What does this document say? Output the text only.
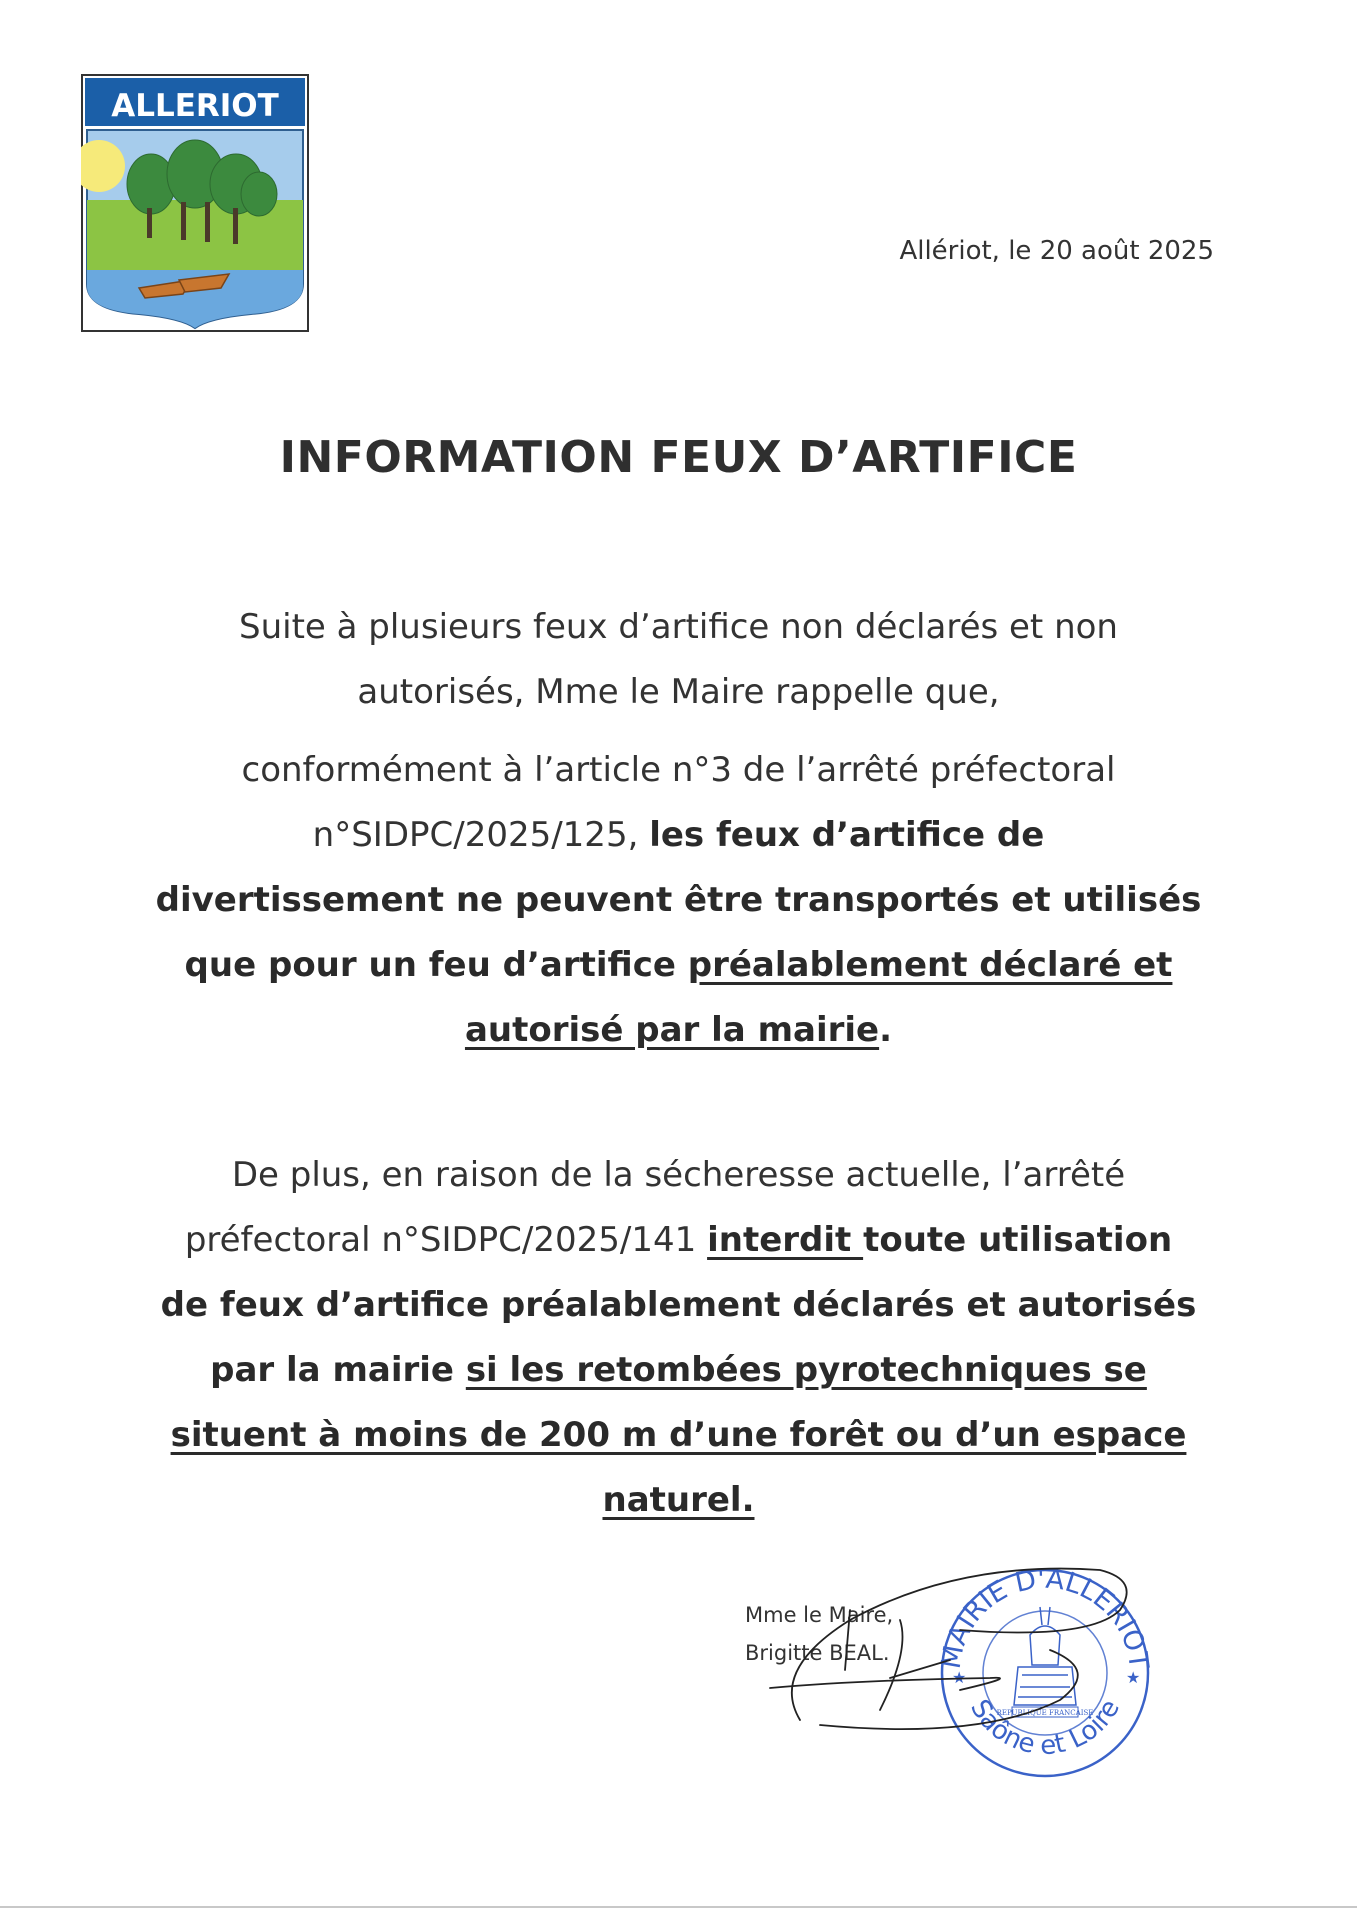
ALLERIOT
Allériot, le 20 août 2025
INFORMATION FEUX D’ARTIFICE
Suite à plusieurs feux d’artifice non déclarés et non
autorisés, Mme le Maire rappelle que,
conformément à l’article n°3 de l’arrêté préfectoral
n°SIDPC/2025/125, les feux d’artifice de
divertissement ne peuvent être transportés et utilisés
que pour un feu d’artifice préalablement déclaré et
autorisé par la mairie.
De plus, en raison de la sécheresse actuelle, l’arrêté
préfectoral n°SIDPC/2025/141 interdit toute utilisation
de feux d’artifice préalablement déclarés et autorisés
par la mairie si les retombées pyrotechniques se
situent à moins de 200 m d’une forêt ou d’un espace
naturel.
Mme le Maire,
Brigitte BEAL. MAIRIE D'ALLERIOT
Saône et Loire
★	★
REPUBLIQUE FRANCAISE
